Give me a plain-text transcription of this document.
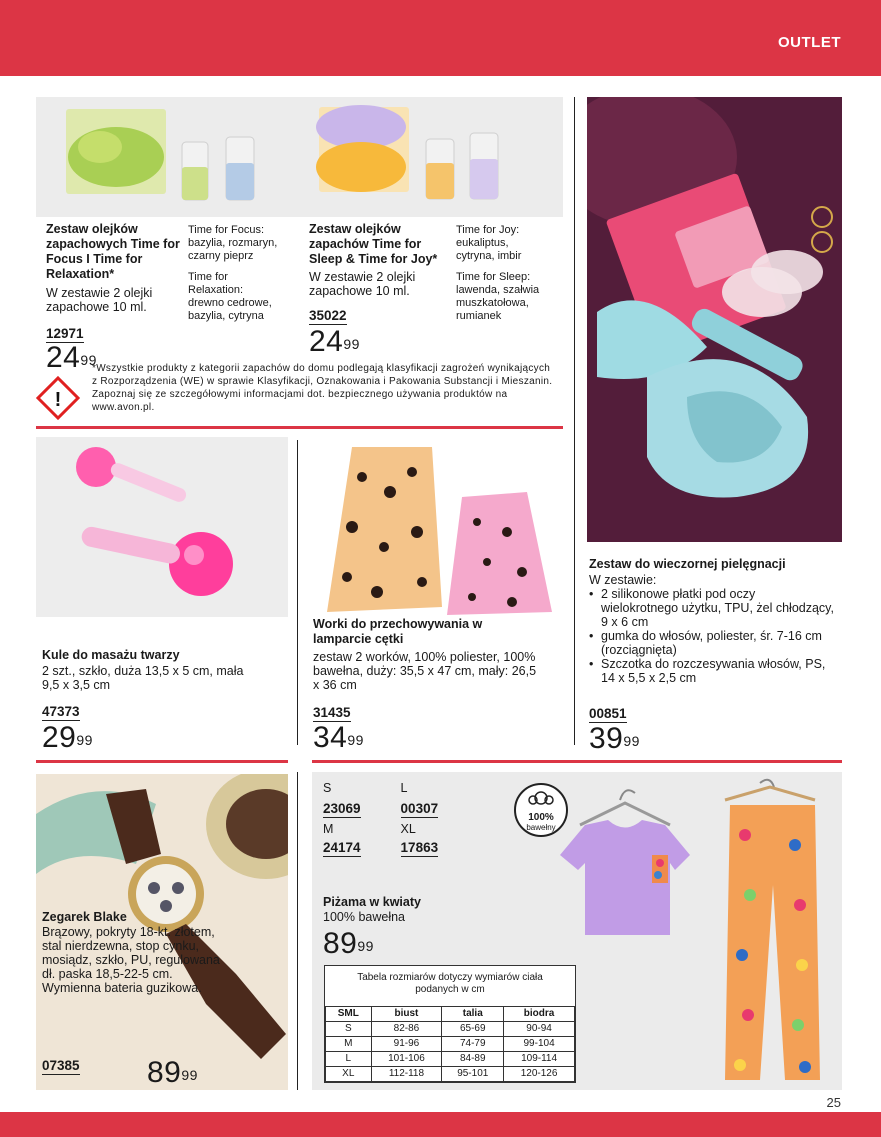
OUTLET
Zestaw olejków zapachowych Time for Focus I Time for Relaxation*
W zestawie 2 olejki zapachowe 10 ml.
Time for Focus:
bazylia, rozmaryn,
czarny pieprz
Time for
Relaxation:
drewno cedrowe,
bazylia, cytryna
12971
$24^{99}$
Zestaw olejków zapachów Time for Sleep & Time for Joy*
W zestawie 2 olejki zapachowe 10 ml.
Time for Joy:
eukaliptus,
cytryna, imbir
Time for Sleep:
lawenda, szałwia
muszkatołowa,
rumianek
35022
$24^{99}$
!
*Wszystkie produkty z kategorii zapachów do domu podlegają klasyfikacji zagrożeń wynikających z Rozporządzenia (WE) w sprawie Klasyfikacji, Oznakowania i Pakowania Substancji i Mieszanin. Zapoznaj się ze szczegółowymi informacjami dot. bezpiecznego używania produktów na www.avon.pl.
Kule do masażu twarzy
2 szt., szkło, duża 13,5 x 5 cm, mała 9,5 x 3,5 cm
47373
$29^{99}$
Worki do przechowywania w lamparcie cętki
zestaw 2 worków, 100% poliester, 100% bawełna, duży: 35,5 x 47 cm, mały: 26,5 x 36 cm
31435
$34^{99}$
Zestaw do wieczornej pielęgnacji
W zestawie:
• 2 silikonowe płatki pod oczy wielokrotnego użytku, TPU, żel chłodzący, 9 x 6 cm
• gumka do włosów, poliester, śr. 7-16 cm (rozciągnięta)
• Szczotka do rozczesywania włosów, PS, 14 x 5,5 x 2,5 cm
00851
$39^{99}$
Zegarek Blake
Brązowy, pokryty 18-kt. złotem, stal nierdzewna, stop cynku, mosiądz, szkło, PU, regulowana dł. paska 18,5-22-5 cm. Wymienna bateria guzikowa.
07385 $89^{99}$
S
23069
L
00307
M
24174
XL
17863
100%
bawełny
Piżama w kwiaty
100% bawełna
$89^{99}$
Tabela rozmiarów dotyczy wymiarów ciała podanych w cm
SML	biust	talia	biodra
S	82-86	65-69	90-94
M	91-96	74-79	99-104
L	101-106	84-89	109-114
XL	112-118	95-101	120-126
25
